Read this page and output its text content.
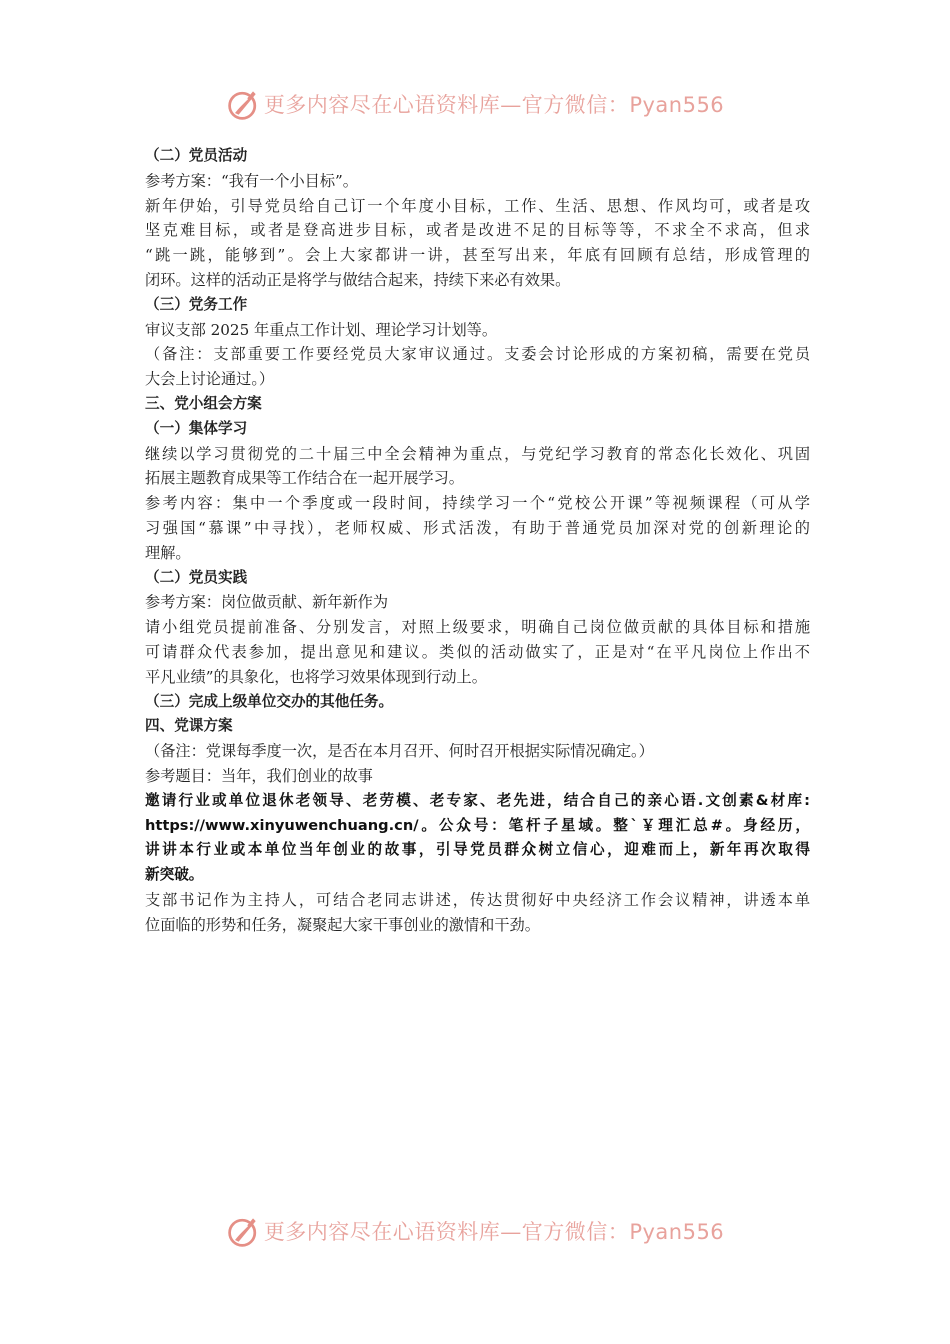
更多内容尽在心语资料库—官方微信：Pyan556
（二）党员活动
参考方案：“我有一个小目标”。
新年伊始，引导党员给自己订一个年度小目标，工作、生活、思想、作风均可，或者是攻
坚克难目标，或者是登高进步目标，或者是改进不足的目标等等，不求全不求高，但求
“跳一跳，能够到”。会上大家都讲一讲，甚至写出来，年底有回顾有总结，形成管理的
闭环。这样的活动正是将学与做结合起来，持续下来必有效果。
（三）党务工作
审议支部 2025 年重点工作计划、理论学习计划等。
（备注：支部重要工作要经党员大家审议通过。支委会讨论形成的方案初稿，需要在党员
大会上讨论通过。）
三、党小组会方案
（一）集体学习
继续以学习贯彻党的二十届三中全会精神为重点，与党纪学习教育的常态化长效化、巩固
拓展主题教育成果等工作结合在一起开展学习。
参考内容：集中一个季度或一段时间，持续学习一个“党校公开课”等视频课程（可从学
习强国“慕课”中寻找），老师权威、形式活泼，有助于普通党员加深对党的创新理论的
理解。
（二）党员实践
参考方案：岗位做贡献、新年新作为
请小组党员提前准备、分别发言，对照上级要求，明确自己岗位做贡献的具体目标和措施
可请群众代表参加，提出意见和建议。类似的活动做实了，正是对“在平凡岗位上作出不
平凡业绩”的具象化，也将学习效果体现到行动上。
（三）完成上级单位交办的其他任务。
四、党课方案
（备注：党课每季度一次，是否在本月召开、何时召开根据实际情况确定。）
参考题目：当年，我们创业的故事
邀请行业或单位退休老领导、老劳模、老专家、老先进，结合自己的亲心语.文创素&材库:
https://www.xinyuwenchuang.cn/。公众号：笔杆子星域。整`￥理汇总#。身经历，
讲讲本行业或本单位当年创业的故事，引导党员群众树立信心，迎难而上，新年再次取得
新突破。
支部书记作为主持人，可结合老同志讲述，传达贯彻好中央经济工作会议精神，讲透本单
位面临的形势和任务，凝聚起大家干事创业的激情和干劲。
更多内容尽在心语资料库—官方微信：Pyan556
